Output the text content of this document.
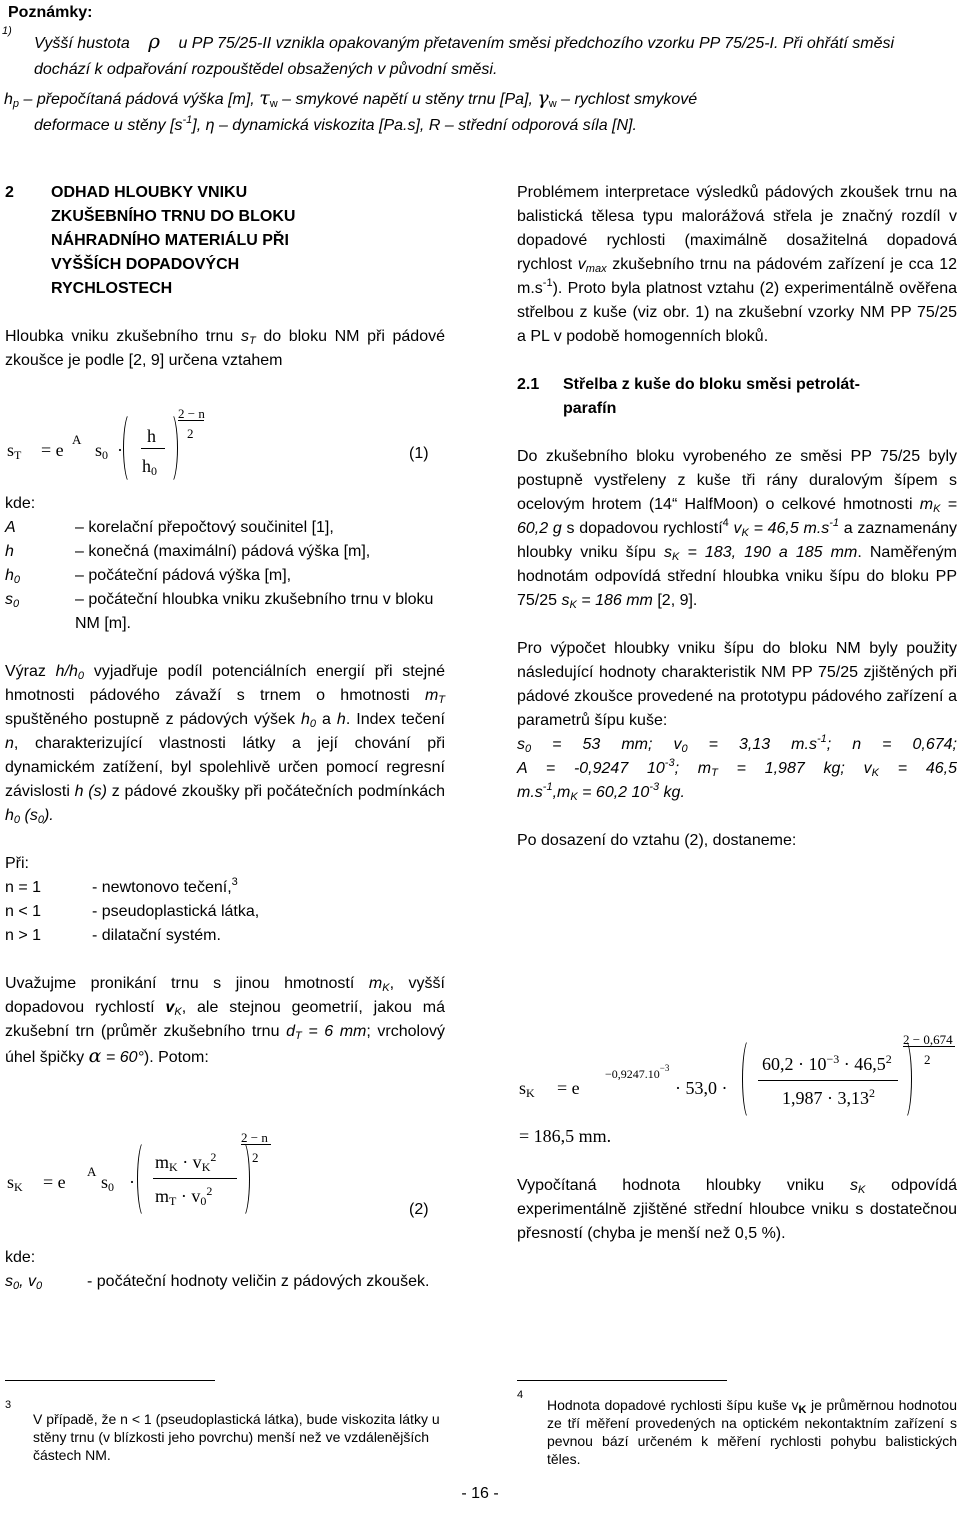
Poznámky:
1)
Vyšší hustota ρ u PP 75/25-II vznikla opakovaným přetavením směsi předchozího vzorku PP 75/25-I. Při ohřátí směsi dochází k odpařování rozpouštědel obsažených v původní směsi.
$h_p$ – přepočítaná pádová výška [m], $\tau_w$ – smykové napětí u stěny trnu [Pa], $\gamma_w$ – rychlost smykové
deformace u stěny $[s^{-1}]$, η – dynamická viskozita [Pa.s], R – střední odporová síla [N].
2	ODHAD HLOUBKY VNIKU
ZKUŠEBNÍHO TRNU DO BLOKU
NÁHRADNÍHO MATERIÁLU PŘI
VYŠŠÍCH DOPADOVÝCH
RYCHLOSTECH

Hloubka vniku zkušebního trnu $s_T$ do bloku NM při pádové zkoušce je podle [2, 9] určena vztahem

$s_T = e$
A
$s_0$ ·
h
$h_0$
2 − n
2
(1)
kde:
A	– korelační přepočtový součinitel [1],
h	– konečná (maximální) pádová výška [m],
$h_0$	– počáteční pádová výška [m],
$s_0$	– počáteční hloubka vniku zkušebního trnu v bloku NM [m].

Výraz $h/h_0$ vyjadřuje podíl potenciálních energií při stejné hmotnosti pádového závaží s trnem o hmotnosti $m_T$ spuštěného postupně z pádových výšek $h_0$ a h. Index tečení n, charakterizující vlastnosti látky a její chování při dynamickém zatížení, byl spolehlivě určen pomocí regresní závislosti h (s) z pádové zkoušky při počátečních podmínkách $h_0$ $(s_0)$.

Při:
n = 1	- newtonovo tečení,$^3$
n < 1	- pseudoplastická látka,
n > 1	- dilatační systém.

Uvažujme pronikání trnu s jinou hmotností $m_K$, vyšší dopadovou rychlostí $v_K$, ale stejnou geometrií, jakou má zkušební trn (průměr zkušebního trnu $d_T = 6$ mm; vrcholový úhel špičky α = 60°). Potom:

$s_K = e$
A
$s_0$ ·
$m_K \cdot v_K^2$
$m_T \cdot v_0^2$
2 − n
2
(2)
kde:
$s_0$, $v_0$	- počáteční hodnoty veličin z pádových zkoušek.

Problémem interpretace výsledků pádových zkoušek trnu na balistická tělesa typu malorážová střela je značný rozdíl v dopadové rychlosti (maximálně dosažitelná dopadová rychlost $v_{max}$ zkušebního trnu na pádovém zařízení je cca 12 $m.s^{-1}$). Proto byla platnost vztahu (2) experimentálně ověřena střelbou z kuše (viz obr. 1) na zkušební vzorky NM PP 75/25 a PL v podobě homogenních bloků.

2.1	Střelba z kuše do bloku směsi petrolát-parafín

Do zkušebního bloku vyrobeného ze směsi PP 75/25 byly postupně vystřeleny z kuše tři rány duralovým šípem s ocelovým hrotem (14“ HalfMoon) o celkové hmotnosti $m_K = 60,2$ g s dopadovou rychlostí$^4$ $v_K = 46,5$ $m.s^{-1}$ a zaznamenány hloubky vniku šípu $s_K = 183$, 190 a 185 mm. Naměřeným hodnotám odpovídá střední hloubka vniku šípu do bloku PP 75/25 $s_K = 186$ mm [2, 9].

Pro výpočet hloubky vniku šípu do bloku NM byly použity následující hodnoty charakteristik NM PP 75/25 zjištěných při pádové zkoušce provedené na prototypu pádového zařízení a parametrů šípu kuše:

$s_0 = 53$ mm; $v_0 = 3,13$ $m.s^{-1}$; n = 0,674;
A = -0,9247 $10^{-3}$; $m_T = 1,987$ kg; $v_K = 46,5$
$m.s^{-1},m_K = 60,2$ $10^{-3}$ kg.

Po dosazení do vztahu (2), dostaneme:

$s_K = e$
$-0,9247.10^{-3}$
· 53,0 ·
$60,2 \cdot 10^{-3} \cdot 46,5^2$
$1,987 \cdot 3,13^2$
2 − 0,674
2
= 186,5 mm.

Vypočítaná hodnota hloubky vniku $s_K$ odpovídá experimentálně zjištěné střední hloubce vniku s dostatečnou přesností (chyba je menší než 0,5 %).

3
V případě, že n < 1 (pseudoplastická látka), bude viskozita látky u stěny trnu (v blízkosti jeho povrchu) menší než ve vzdálenějších částech NM.
4
Hodnota dopadové rychlosti šípu kuše $v_K$ je průměrnou hodnotou ze tří měření provedených na optickém nekontaktním zařízení s pevnou bází určeném k měření rychlosti pohybu balistických těles.
- 16 -
